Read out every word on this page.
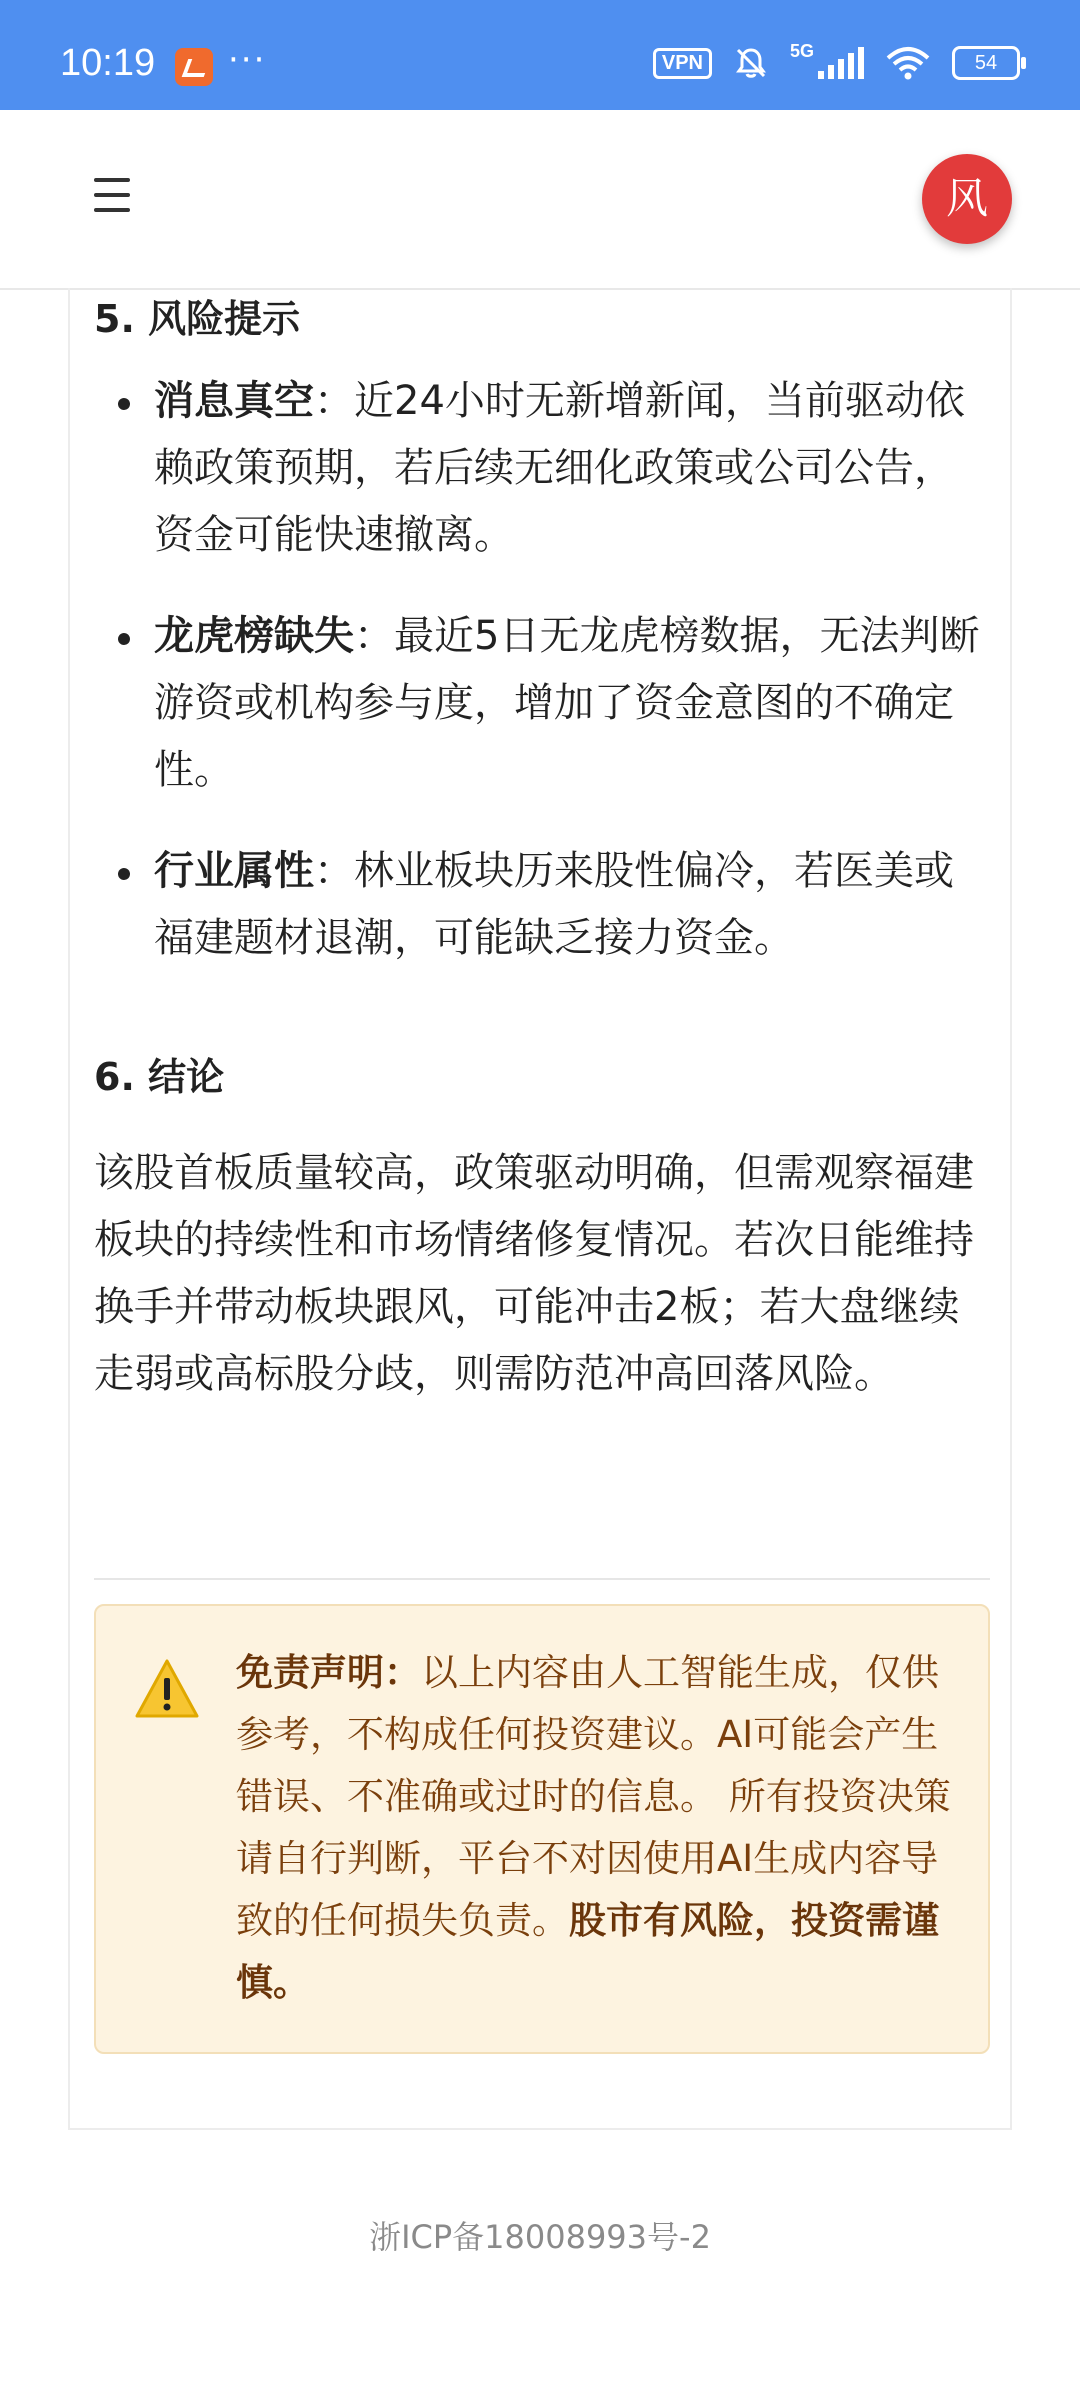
10:19 ···	VPN
5G
54
风
5. 风险提示
消息真空：近24小时无新增新闻，当前驱动依赖政策预期，若后续无细化政策或公司公告，资金可能快速撤离。
龙虎榜缺失：最近5日无龙虎榜数据，无法判断游资或机构参与度，增加了资金意图的不确定性。
行业属性：林业板块历来股性偏冷，若医美或福建题材退潮，可能缺乏接力资金。
6. 结论

该股首板质量较高，政策驱动明确，但需观察福建板块的持续性和市场情绪修复情况。若次日能维持换手并带动板块跟风，可能冲击2板；若大盘继续走弱或高标股分歧，则需防范冲高回落风险。

免责声明：以上内容由人工智能生成，仅供参考，不构成任何投资建议。AI可能会产生错误、不准确或过时的信息。 所有投资决策请自行判断，平台不对因使用AI生成内容导致的任何损失负责。股市有风险，投资需谨慎。

浙ICP备18008993号-2
